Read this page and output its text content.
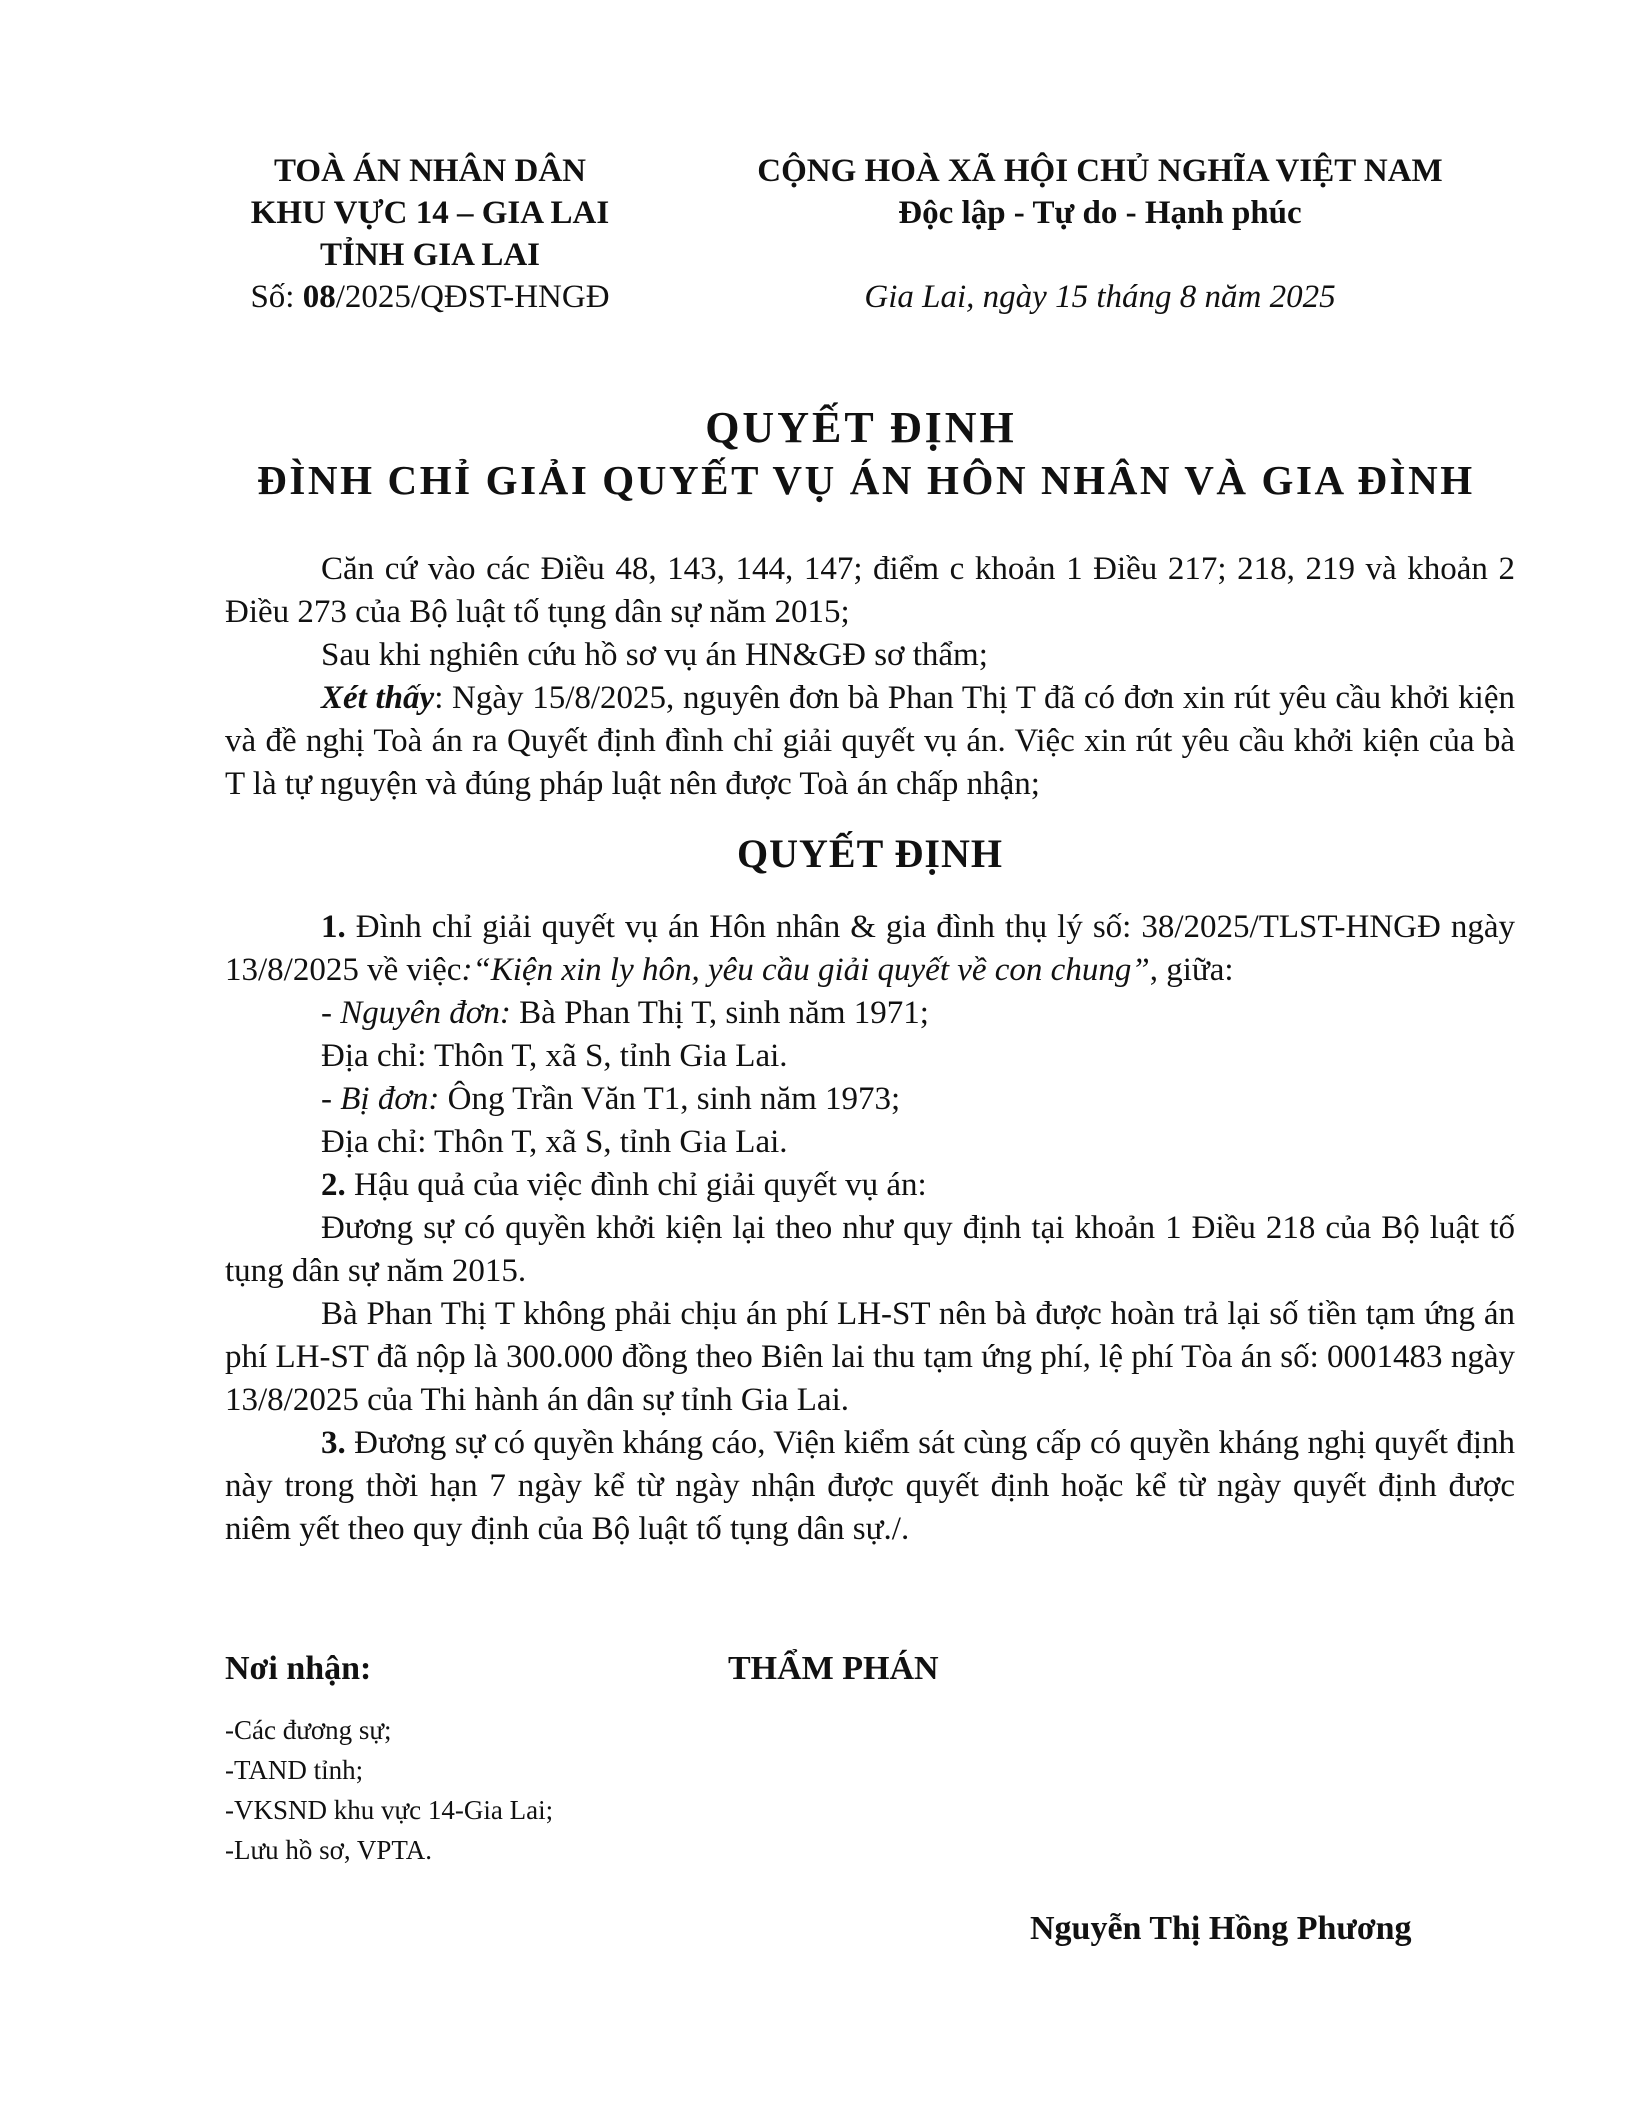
TOÀ ÁN NHÂN DÂN
KHU VỰC 14 – GIA LAI
TỈNH GIA LAI
Số: 08/2025/QĐST-HNGĐ
CỘNG HOÀ XÃ HỘI CHỦ NGHĨA VIỆT NAM
Độc lập - Tự do - Hạnh phúc
Gia Lai, ngày 15 tháng 8 năm 2025
QUYẾT ĐỊNH
ĐÌNH CHỈ GIẢI QUYẾT VỤ ÁN HÔN NHÂN VÀ GIA ĐÌNH

Căn cứ vào các Điều 48, 143, 144, 147; điểm c khoản 1 Điều 217; 218, 219 và khoản 2 Điều 273 của Bộ luật tố tụng dân sự năm 2015;

Sau khi nghiên cứu hồ sơ vụ án HN&GĐ sơ thẩm;

Xét thấy: Ngày 15/8/2025, nguyên đơn bà Phan Thị T đã có đơn xin rút yêu cầu khởi kiện và đề nghị Toà án ra Quyết định đình chỉ giải quyết vụ án. Việc xin rút yêu cầu khởi kiện của bà T là tự nguyện và đúng pháp luật nên được Toà án chấp nhận;

QUYẾT ĐỊNH

1. Đình chỉ giải quyết vụ án Hôn nhân & gia đình thụ lý số: 38/2025/TLST-HNGĐ ngày 13/8/2025 về việc:“Kiện xin ly hôn, yêu cầu giải quyết về con chung”, giữa:

- Nguyên đơn: Bà Phan Thị T, sinh năm 1971;

Địa chỉ: Thôn T, xã S, tỉnh Gia Lai.

- Bị đơn: Ông Trần Văn T1, sinh năm 1973;

Địa chỉ: Thôn T, xã S, tỉnh Gia Lai.

2. Hậu quả của việc đình chỉ giải quyết vụ án:

Đương sự có quyền khởi kiện lại theo như quy định tại khoản 1 Điều 218 của Bộ luật tố tụng dân sự năm 2015.

Bà Phan Thị T không phải chịu án phí LH-ST nên bà được hoàn trả lại số tiền tạm ứng án phí LH-ST đã nộp là 300.000 đồng theo Biên lai thu tạm ứng phí, lệ phí Tòa án số: 0001483 ngày 13/8/2025 của Thi hành án dân sự tỉnh Gia Lai.

3. Đương sự có quyền kháng cáo, Viện kiểm sát cùng cấp có quyền kháng nghị quyết định này trong thời hạn 7 ngày kể từ ngày nhận được quyết định hoặc kể từ ngày quyết định được niêm yết theo quy định của Bộ luật tố tụng dân sự./.

Nơi nhận:	THẨM PHÁN
-Các đương sự;
-TAND tỉnh;
-VKSND khu vực 14-Gia Lai;
-Lưu hồ sơ, VPTA.
Nguyễn Thị Hồng Phương
